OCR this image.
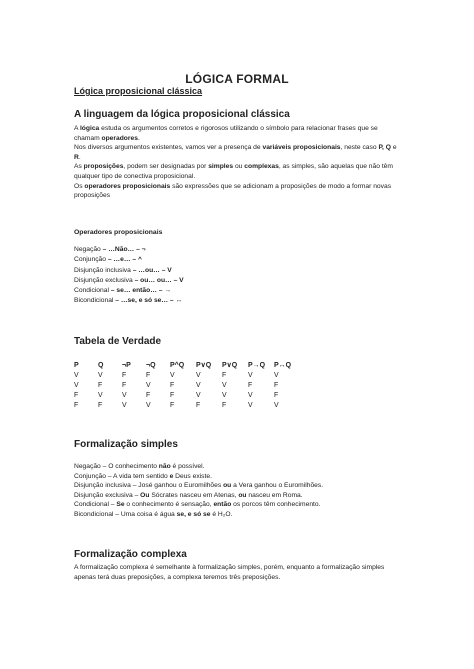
LÓGICA FORMAL
Lógica proposicional clássica
A linguagem da lógica proposicional clássica
A lógica estuda os argumentos corretos e rigorosos utilizando o símbolo para relacionar frases que se chamam operadores.
Nos diversos argumentos existentes, vamos ver a presença de variáveis proposicionais, neste caso P, Q e R.
As proposições, podem ser designadas por simples ou complexas, as simples, são aquelas que não têm qualquer tipo de conectiva proposicional.
Os operadores proposicionais são expressões que se adicionam a proposições de modo a formar novas proposições
Operadores proposicionais
Negação – …Não… – ¬
Conjunção – …e… – ^
Disjunção inclusiva – …ou… – V
Disjunção exclusiva – ou… ou… – V
Condicional – se… então… – →
Bicondicional – …se, e só se… – ↔
Tabela de Verdade
P	Q	¬P	¬Q	P^Q	P∨Q	P∨Q	P→Q	P↔Q
V	V	F	F	V	V	F	V	V
V	F	F	V	F	V	V	F	F
F	V	V	F	F	V	V	V	F
F	F	V	V	F	F	F	V	V
Formalização simples
Negação – O conhecimento não é possível.
Conjunção – A vida tem sentido e Deus existe.
Disjunção inclusiva – José ganhou o Euromilhões ou a Vera ganhou o Euromilhões.
Disjunção exclusiva – Ou Sócrates nasceu em Atenas, ou nasceu em Roma.
Condicional – Se o conhecimento é sensação, então os porcos têm conhecimento.
Bicondicional – Uma coisa é água se, e só se é H₂O.
Formalização complexa
A formalização complexa é semelhante à formalização simples, porém, enquanto a formalização simples apenas terá duas preposições, a complexa teremos três preposições.
